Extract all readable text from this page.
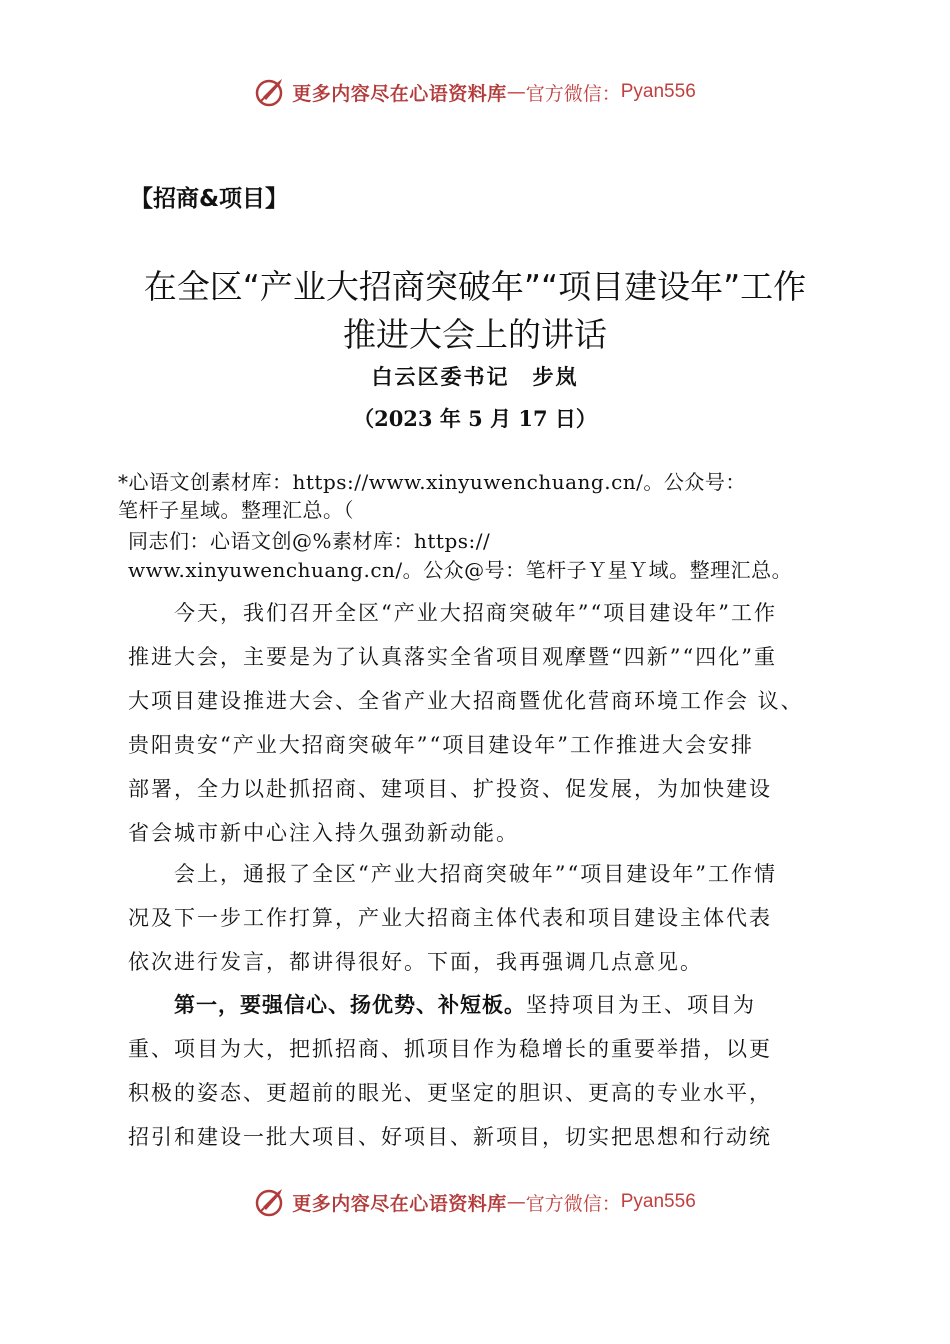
更多内容尽在心语资料库 — 官方微信： Pyan556
【招商&项目】
在全区“产业大招商突破年”“项目建设年”工作
推进大会上的讲话
白云区委书记　步岚
（2023 年 5 月 17 日）
*心语文创素材库：https://www.xinyuwenchuang.cn/。公众号：
笔杆子星域。整理汇总。（
同志们：心语文创@%素材库：https://
www.xinyuwenchuang.cn/。公众@号：笔杆子Ｙ星Ｙ域。整理汇总。
　　今天，我们召开全区“产业大招商突破年”“项目建设年”工作
推进大会，主要是为了认真落实全省项目观摩暨“四新”“四化”重
大项目建设推进大会、全省产业大招商暨优化营商环境工作会 议、
贵阳贵安“产业大招商突破年”“项目建设年”工作推进大会安排
部署，全力以赴抓招商、建项目、扩投资、促发展，为加快建设
省会城市新中心注入持久强劲新动能。
　　会上，通报了全区“产业大招商突破年”“项目建设年”工作情
况及下一步工作打算，产业大招商主体代表和项目建设主体代表
依次进行发言，都讲得很好。下面，我再强调几点意见。
　　第一，要强信心、扬优势、补短板。坚持项目为王、项目为
重、项目为大，把抓招商、抓项目作为稳增长的重要举措，以更
积极的姿态、更超前的眼光、更坚定的胆识、更高的专业水平，
招引和建设一批大项目、好项目、新项目，切实把思想和行动统
更多内容尽在心语资料库 — 官方微信： Pyan556
